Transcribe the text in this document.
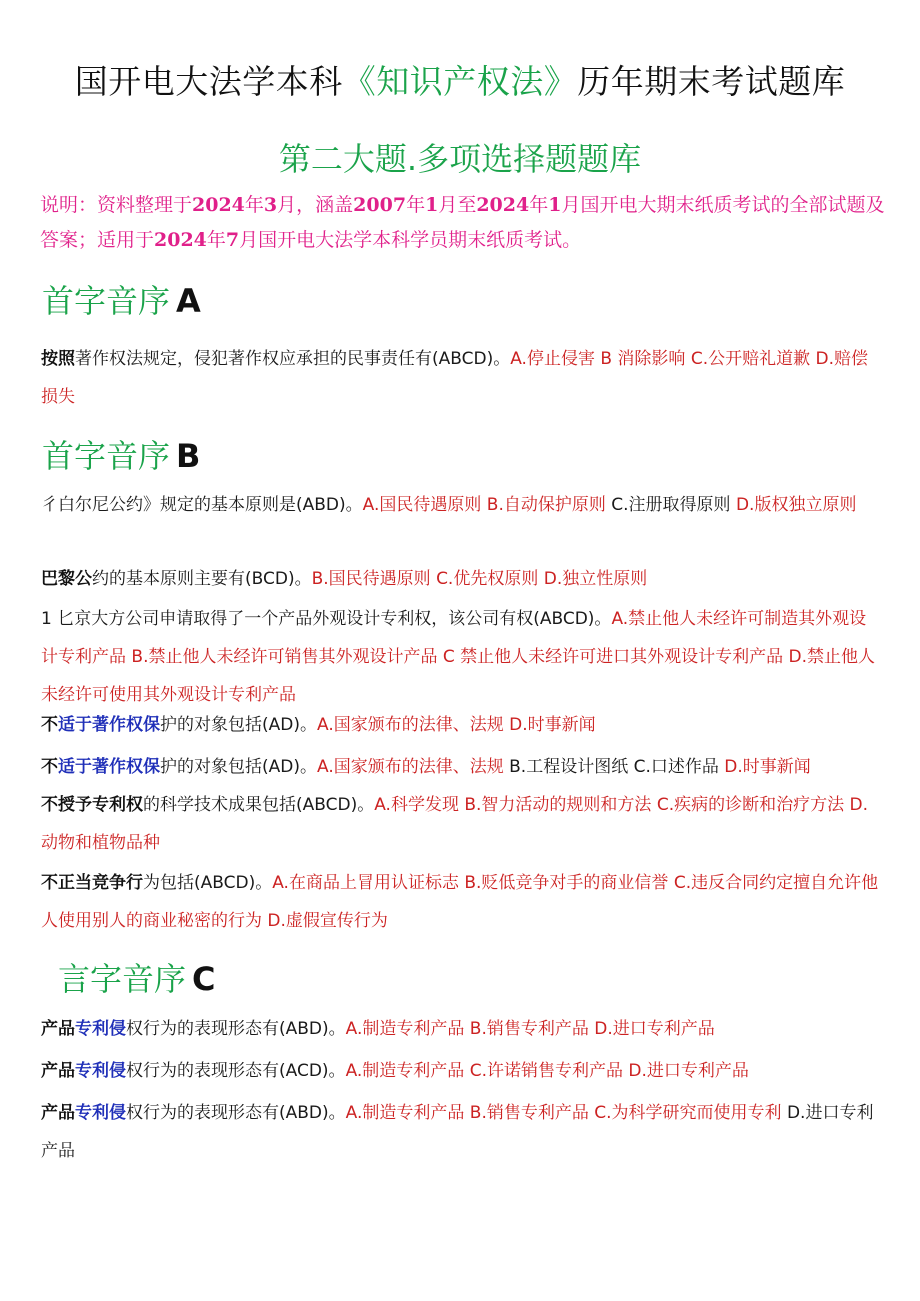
国开电大法学本科《知识产权法》历年期末考试题库
第二大题.多项选择题题库
说明：资料整理于2024年3月，涵盖2007年1月至2024年1月国开电大期末纸质考试的全部试题及答案；适用于2024年7月国开电大法学本科学员期末纸质考试。
首字音序 A
按照著作权法规定，侵犯著作权应承担的民事责任有(ABCD)。A.停止侵害 B 消除影响 C.公开赔礼道歉 D.赔偿损失
首字音序 B
彳白尔尼公约》规定的基本原则是(ABD)。A.国民待遇原则 B.自动保护原则 C.注册取得原则 D.版权独立原则
巴黎公约的基本原则主要有(BCD)。B.国民待遇原则 C.优先权原则 D.独立性原则
1 匕京大方公司申请取得了一个产品外观设计专利权，该公司有权(ABCD)。A.禁止他人未经许可制造其外观设计专利产品 B.禁止他人未经许可销售其外观设计产品 C 禁止他人未经许可进口其外观设计专利产品 D.禁止他人未经许可使用其外观设计专利产品
不适于著作权保护的对象包括(AD)。A.国家颁布的法律、法规 D.时事新闻
不适于著作权保护的对象包括(AD)。A.国家颁布的法律、法规 B.工程设计图纸 C.口述作品 D.时事新闻
不授予专利权的科学技术成果包括(ABCD)。A.科学发现 B.智力活动的规则和方法 C.疾病的诊断和治疗方法 D.动物和植物品种
不正当竞争行为包括(ABCD)。A.在商品上冒用认证标志 B.贬低竞争对手的商业信誉 C.违反合同约定擅自允许他人使用别人的商业秘密的行为 D.虚假宣传行为
言字音序 C
产品专利侵权行为的表现形态有(ABD)。A.制造专利产品 B.销售专利产品 D.进口专利产品
产品专利侵权行为的表现形态有(ACD)。A.制造专利产品 C.许诺销售专利产品 D.进口专利产品
产品专利侵权行为的表现形态有(ABD)。A.制造专利产品 B.销售专利产品 C.为科学研究而使用专利 D.进口专利产品
